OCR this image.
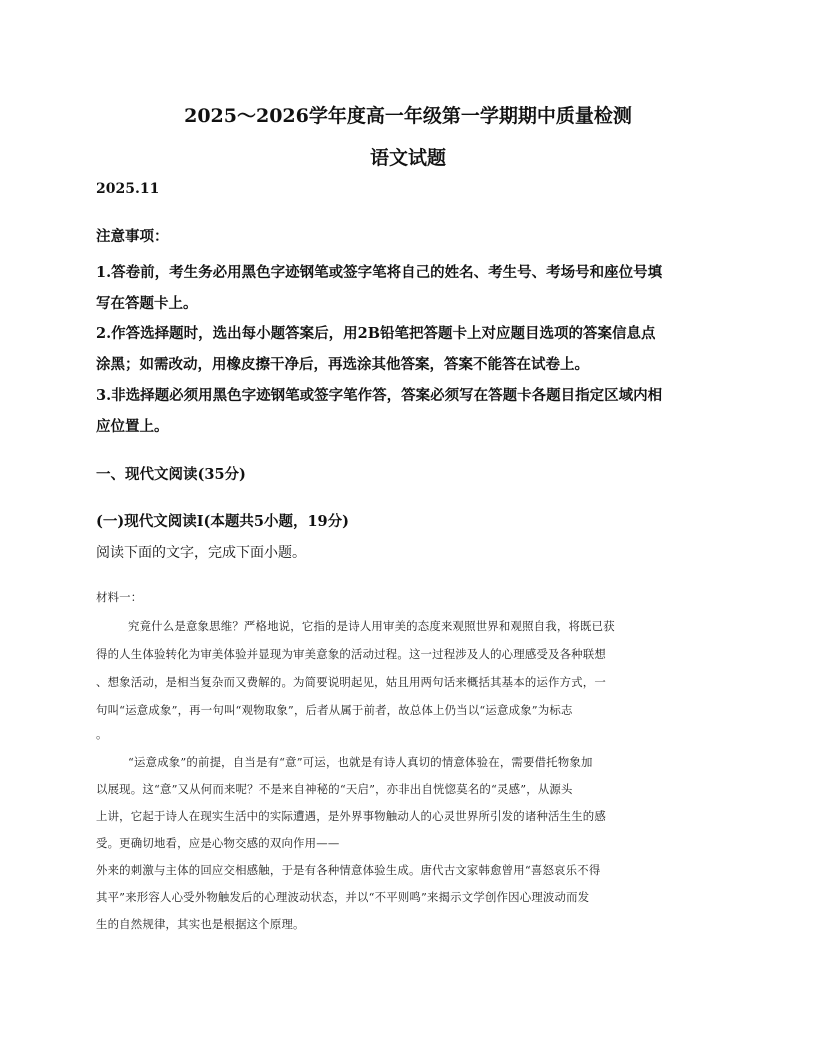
2025～2026学年度高一年级第一学期期中质量检测
语文试题
2025.11
注意事项：
1.答卷前，考生务必用黑色字迹钢笔或签字笔将自己的姓名、考生号、考场号和座位号填
写在答题卡上。
2.作答选择题时，选出每小题答案后，用2B铅笔把答题卡上对应题目选项的答案信息点
涂黑；如需改动，用橡皮擦干净后，再选涂其他答案，答案不能答在试卷上。
3.非选择题必须用黑色字迹钢笔或签字笔作答，答案必须写在答题卡各题目指定区域内相
应位置上。
一、现代文阅读(35分)
(一)现代文阅读I(本题共5小题，19分)
阅读下面的文字，完成下面小题。
材料一：
究竟什么是意象思维？严格地说，它指的是诗人用审美的态度来观照世界和观照自我，将既已获
得的人生体验转化为审美体验并显现为审美意象的活动过程。这一过程涉及人的心理感受及各种联想
、想象活动，是相当复杂而又费解的。为简要说明起见，姑且用两句话来概括其基本的运作方式，一
句叫“运意成象”，再一句叫“观物取象”，后者从属于前者，故总体上仍当以“运意成象”为标志
。
“运意成象”的前提，自当是有“意”可运，也就是有诗人真切的情意体验在，需要借托物象加
以展现。这“意”又从何而来呢？不是来自神秘的“天启”，亦非出自恍惚莫名的“灵感”，从源头
上讲，它起于诗人在现实生活中的实际遭遇，是外界事物触动人的心灵世界所引发的诸种活生生的感
受。更确切地看，应是心物交感的双向作用——
外来的刺激与主体的回应交相感触，于是有各种情意体验生成。唐代古文家韩愈曾用“喜怒哀乐不得
其平”来形容人心受外物触发后的心理波动状态，并以“不平则鸣”来揭示文学创作因心理波动而发
生的自然规律，其实也是根据这个原理。
